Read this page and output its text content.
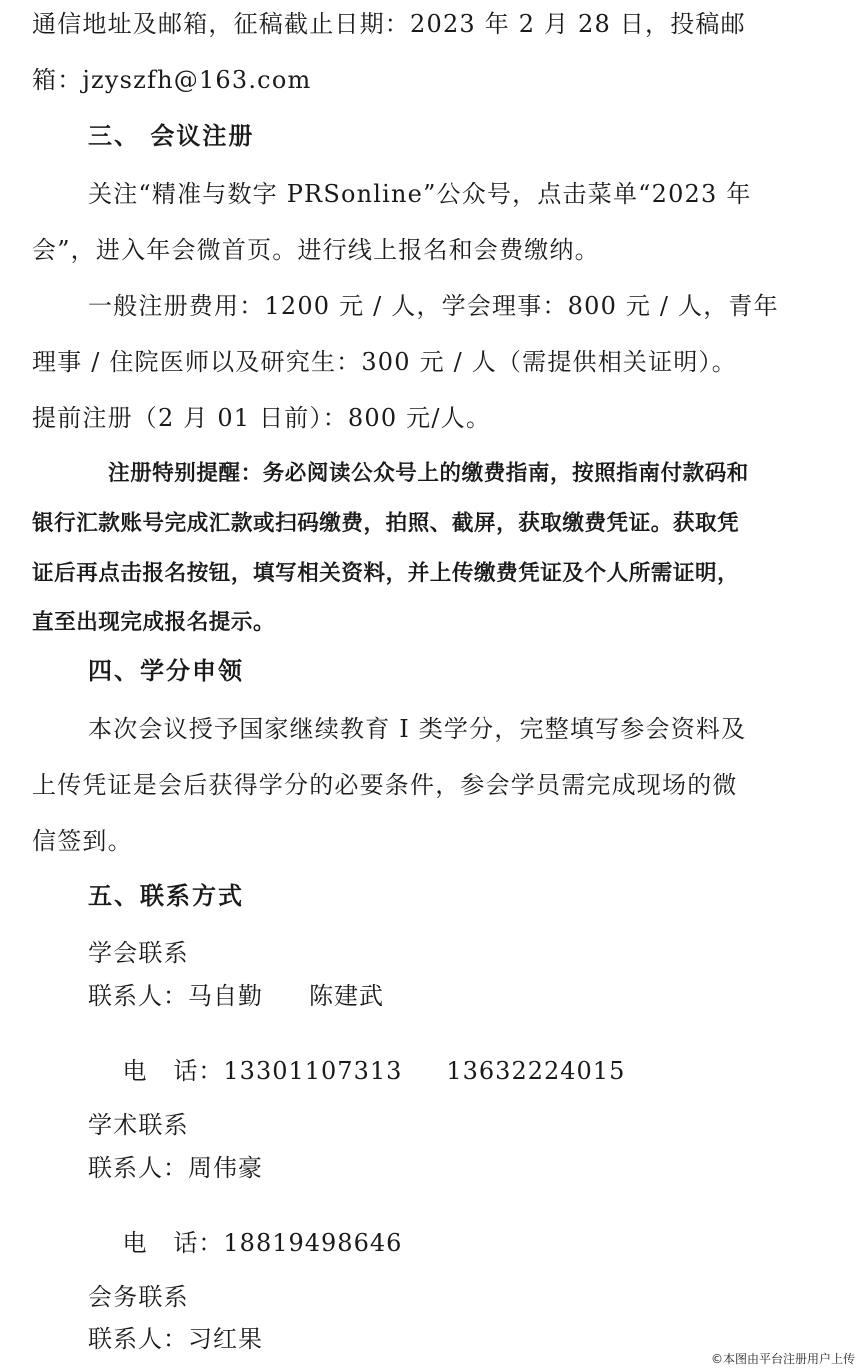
通信地址及邮箱，征稿截止日期：2023 年 2 月 28 日，投稿邮
箱：jzyszfh@163.com
三、 会议注册
关注“精准与数字 PRSonline”公众号，点击菜单“2023 年
会”，进入年会微首页。进行线上报名和会费缴纳。
一般注册费用：1200 元 / 人，学会理事：800 元 / 人，青年
理事 / 住院医师以及研究生：300 元 / 人（需提供相关证明）。
提前注册（2 月 01 日前）：800 元/人。
注册特别提醒：务必阅读公众号上的缴费指南，按照指南付款码和
银行汇款账号完成汇款或扫码缴费，拍照、截屏，获取缴费凭证。获取凭
证后再点击报名按钮，填写相关资料，并上传缴费凭证及个人所需证明，
直至出现完成报名提示。
四、学分申领
本次会议授予国家继续教育 I 类学分，完整填写参会资料及
上传凭证是会后获得学分的必要条件，参会学员需完成现场的微
信签到。
五、联系方式
学会联系
联系人：马自勤 陈建武

电   话：13301107313 13632224015

学术联系
联系人：周伟豪

电   话：18819498646

会务联系
联系人：习红果
©本图由平台注册用户上传
